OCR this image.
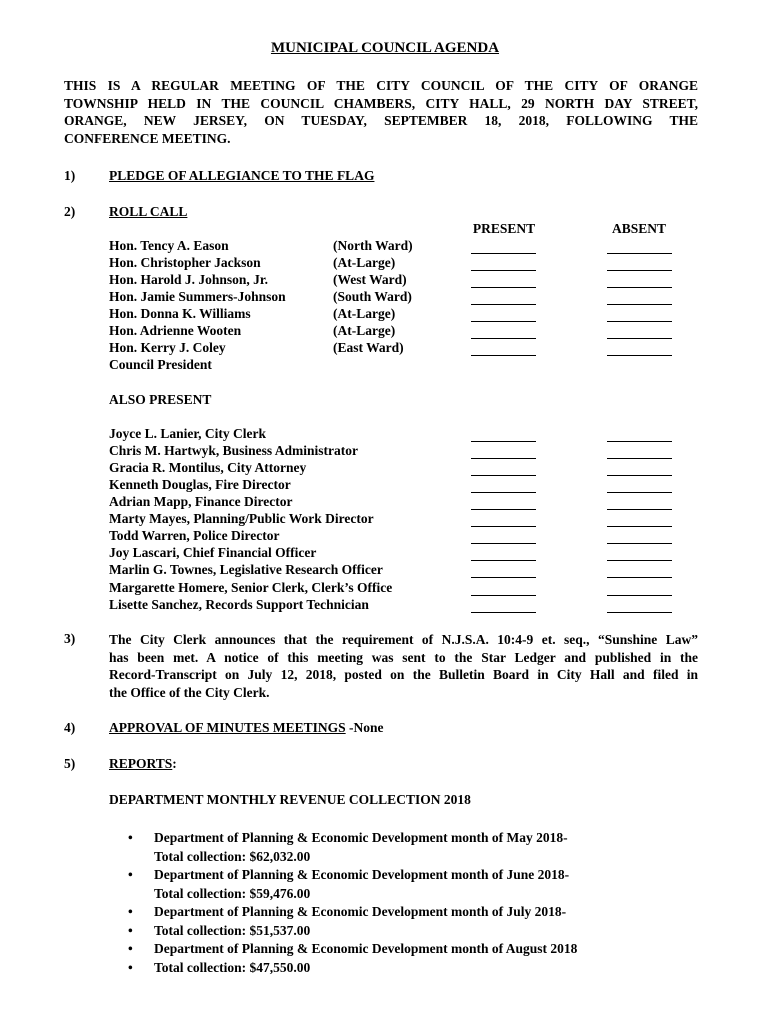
MUNICIPAL COUNCIL AGENDA
THIS IS A REGULAR MEETING OF THE CITY COUNCIL OF THE CITY OF ORANGE
TOWNSHIP HELD IN THE COUNCIL CHAMBERS, CITY HALL, 29 NORTH DAY STREET,
ORANGE, NEW JERSEY, ON TUESDAY, SEPTEMBER 18, 2018, FOLLOWING THE
CONFERENCE MEETING.
1)	PLEDGE OF ALLEGIANCE TO THE FLAG
2)	ROLL CALL
PRESENT	ABSENT
Hon. Tency A. Eason	(North Ward)
Hon. Christopher Jackson	(At-Large)
Hon. Harold J. Johnson, Jr.	(West Ward)
Hon. Jamie Summers-Johnson	(South Ward)
Hon. Donna K. Williams	(At-Large)
Hon. Adrienne Wooten	(At-Large)
Hon. Kerry J. Coley	(East Ward)
Council President
ALSO PRESENT
Joyce L. Lanier, City Clerk
Chris M. Hartwyk, Business Administrator
Gracia R. Montilus, City Attorney
Kenneth Douglas, Fire Director
Adrian Mapp, Finance Director
Marty Mayes, Planning/Public Work Director
Todd Warren, Police Director
Joy Lascari, Chief Financial Officer
Marlin G. Townes, Legislative Research Officer
Margarette Homere, Senior Clerk, Clerk’s Office
Lisette Sanchez, Records Support Technician
3)	The City Clerk announces that the requirement of N.J.S.A. 10:4-9 et. seq., “Sunshine Law”
has been met. A notice of this meeting was sent to the Star Ledger and published in the
Record-Transcript on July 12, 2018, posted on the Bulletin Board in City Hall and filed in
the Office of the City Clerk.
4)	APPROVAL OF MINUTES MEETINGS -None
5)	REPORTS:
DEPARTMENT MONTHLY REVENUE COLLECTION 2018
• Department of Planning & Economic Development month of May 2018-
Total collection: $62,032.00
• Department of Planning & Economic Development month of June 2018-
Total collection: $59,476.00
• Department of Planning & Economic Development month of July 2018-
• Total collection: $51,537.00
• Department of Planning & Economic Development month of August 2018
• Total collection: $47,550.00
